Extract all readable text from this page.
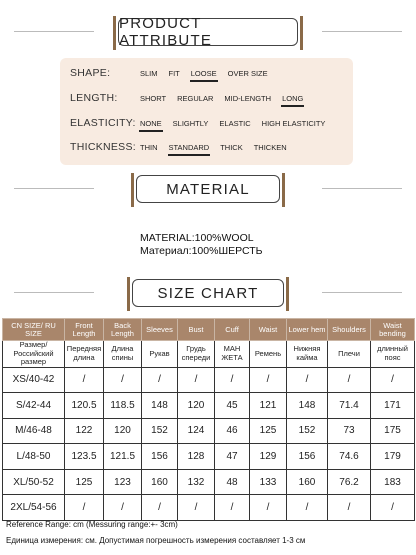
PRODUCT ATTRIBUTE
SHAPE:	SLIM FIT LOOSE OVER SIZE
LENGTH:	SHORT REGULAR MID-LENGTH LONG
ELASTICITY: NONE SLIGHTLY ELASTIC HIGH ELASTICITY
THICKNESS: THIN STANDARD THICK THICKEN
MATERIAL
MATERIAL:100%WOOL
Материал:100%ШЕРСТЬ
SIZE CHART
CN SIZE/ RU SIZE	Front Length	Back Length	Sleeves	Bust	Cuff	Waist	Lower hem	Shoulders	Waist bending
Размер/ Российский размер	Передняя длина	Длина спины	Рукав	Грудь спереди	МАН ЖЕТА	Ремень	Нижняя кайма	Плечи	длинный пояс
XS/40-42	/	/	/	/	/	/	/	/	/
S/42-44	120.5	118.5	148	120	45	121	148	71.4	171
M/46-48	122	120	152	124	46	125	152	73	175
L/48-50	123.5	121.5	156	128	47	129	156	74.6	179
XL/50-52	125	123	160	132	48	133	160	76.2	183
2XL/54-56	/	/	/	/	/	/	/	/	/
Reference Range: cm (Messuring range:+- 3cm)
Единица измерения: см. Допустимая погрешность измерения составляет 1-3 см
